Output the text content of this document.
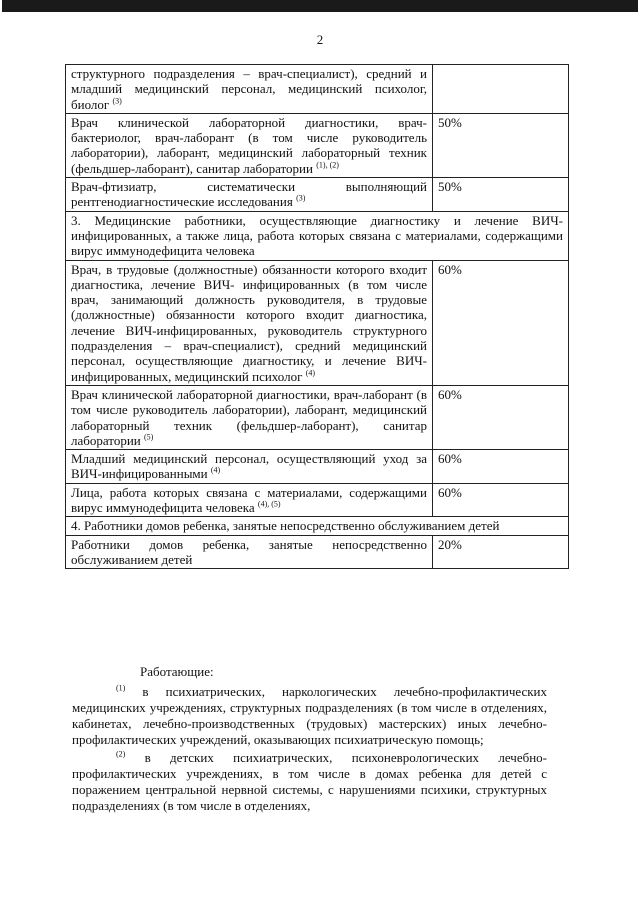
2
структурного подразделения – врач-специалист), средний и младший медицинский персонал, медицинский психолог, биолог $^{(3)}$	
Врач клинической лабораторной диагностики, врач-бактериолог, врач-лаборант (в том числе руководитель лаборатории), лаборант, медицинский лабораторный техник (фельдшер-лаборант), санитар лаборатории $^{(1), (2)}$	50%
Врач-фтизиатр, систематически выполняющий рентгенодиагностические исследования $^{(3)}$	50%
3. Медицинские работники, осуществляющие диагностику и лечение ВИЧ-инфицированных, а также лица, работа которых связана с материалами, содержащими вирус иммунодефицита человека	
Врач, в трудовые (должностные) обязанности которого входит диагностика, лечение ВИЧ- инфицированных (в том числе врач, занимающий должность руководителя, в трудовые (должностные) обязанности которого входит диагностика, лечение ВИЧ-инфицированных, руководитель структурного подразделения – врач-специалист), средний медицинский персонал, осуществляющие диагностику, и лечение ВИЧ-инфицированных, медицинский психолог $^{(4)}$	60%
Врач клинической лабораторной диагностики, врач-лаборант (в том числе руководитель лаборатории), лаборант, медицинский лабораторный техник (фельдшер-лаборант), санитар лаборатории $^{(5)}$	60%
Младший медицинский персонал, осуществляющий уход за ВИЧ-инфицированными $^{(4)}$	60%
Лица, работа которых связана с материалами, содержащими вирус иммунодефицита человека $^{(4), (5)}$	60%
4. Работники домов ребенка, занятые непосредственно обслуживанием детей	
Работники домов ребенка, занятые непосредственно обслуживанием детей	20%

Работающие:

$^{(1)}$ в психиатрических, наркологических лечебно-профилактических медицинских учреждениях, структурных подразделениях (в том числе в отделениях, кабинетах, лечебно-производственных (трудовых) мастерских) иных лечебно-профилактических учреждений, оказывающих психиатрическую помощь;

$^{(2)}$ в детских психиатрических, психоневрологических лечебно-профилактических учреждениях, в том числе в домах ребенка для детей с поражением центральной нервной системы, с нарушениями психики, структурных подразделениях (в том числе в отделениях,
